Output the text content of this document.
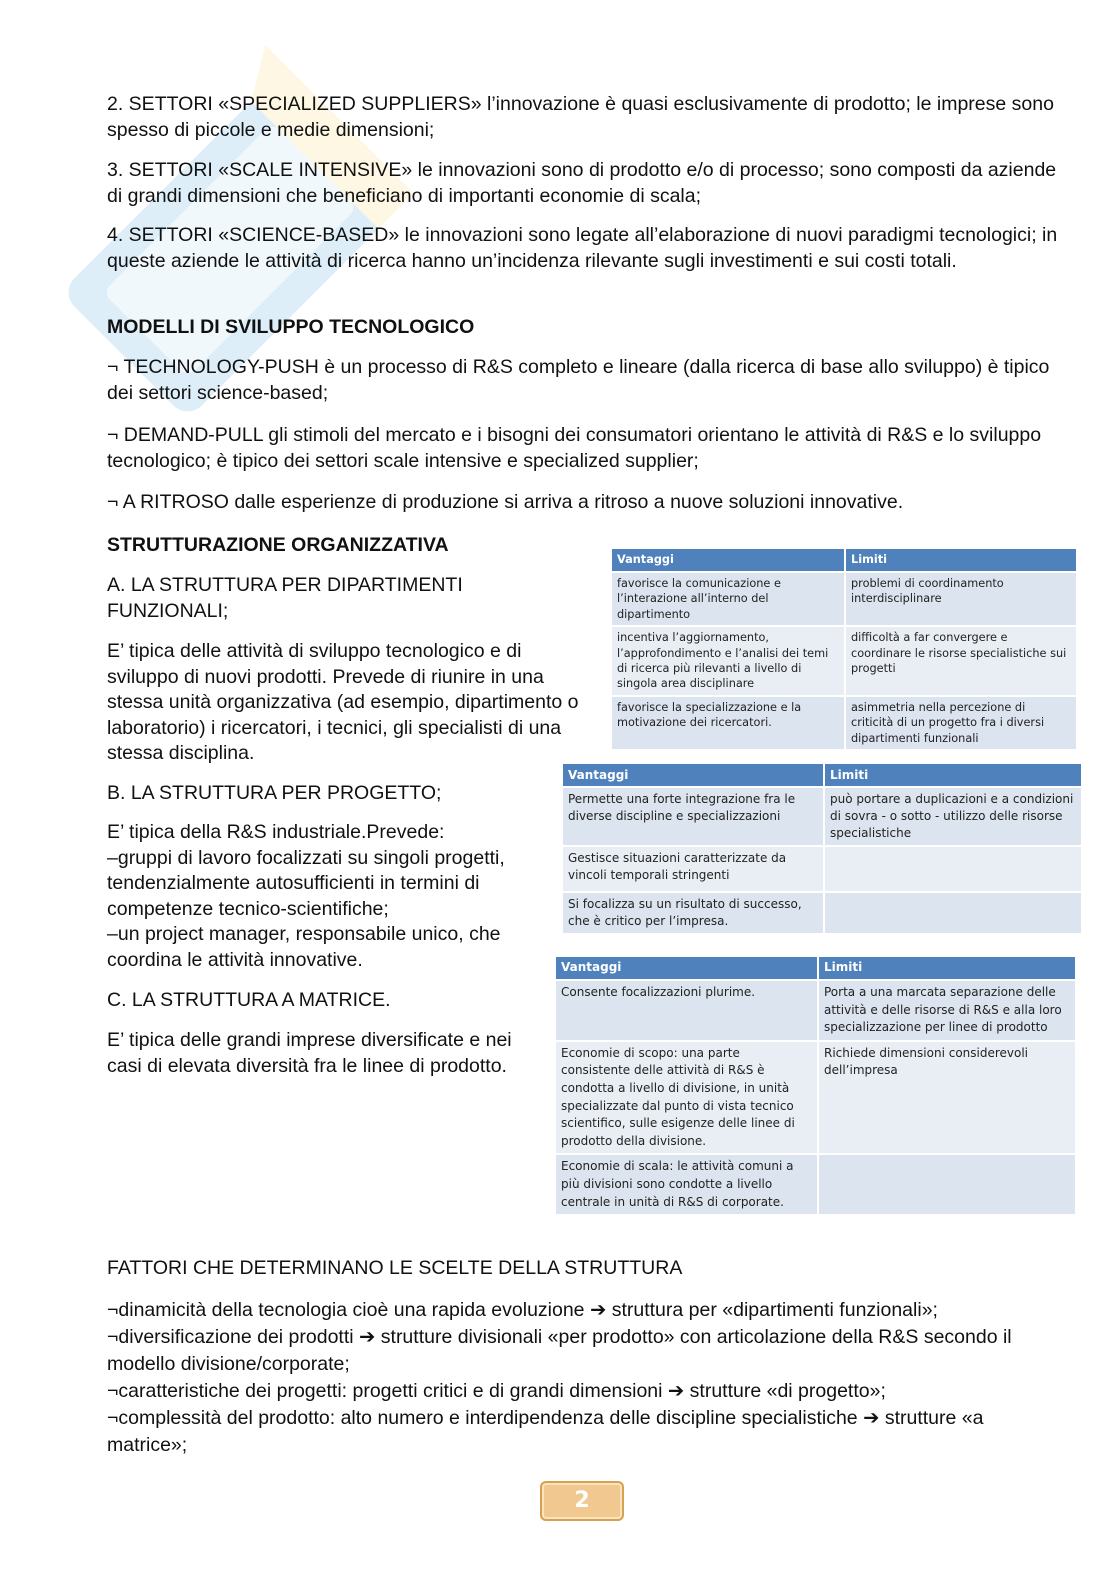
2. SETTORI «SPECIALIZED SUPPLIERS» l’innovazione è quasi esclusivamente di prodotto; le imprese sono spesso di piccole e medie dimensioni;

3. SETTORI «SCALE INTENSIVE» le innovazioni sono di prodotto e/o di processo; sono composti da aziende di grandi dimensioni che beneficiano di importanti economie di scala;

4. SETTORI «SCIENCE-BASED» le innovazioni sono legate all’elaborazione di nuovi paradigmi tecnologici; in queste aziende le attività di ricerca hanno un’incidenza rilevante sugli investimenti e sui costi totali.

MODELLI DI SVILUPPO TECNOLOGICO

¬ TECHNOLOGY-PUSH è un processo di R&S completo e lineare (dalla ricerca di base allo sviluppo) è tipico dei settori science-based;

¬ DEMAND-PULL gli stimoli del mercato e i bisogni dei consumatori orientano le attività di R&S e lo sviluppo tecnologico; è tipico dei settori scale intensive e specialized supplier;

¬ A RITROSO dalle esperienze di produzione si arriva a ritroso a nuove soluzioni innovative.

STRUTTURAZIONE ORGANIZZATIVA

A. LA STRUTTURA PER DIPARTIMENTI FUNZIONALI;

E’ tipica delle attività di sviluppo tecnologico e di sviluppo di nuovi prodotti. Prevede di riunire in una stessa unità organizzativa (ad esempio, dipartimento o laboratorio) i ricercatori, i tecnici, gli specialisti di una stessa disciplina.

B. LA STRUTTURA PER PROGETTO;

E’ tipica della R&S industriale.Prevede:
–gruppi di lavoro focalizzati su singoli progetti, tendenzialmente autosufficienti in termini di competenze tecnico-scientifiche;
–un project manager, responsabile unico, che coordina le attività innovative.

C. LA STRUTTURA A MATRICE.

E’ tipica delle grandi imprese diversificate e nei casi di elevata diversità fra le linee di prodotto.

Vantaggi	Limiti
favorisce la comunicazione e l’interazione all’interno del dipartimento	problemi di coordinamento interdisciplinare
incentiva l’aggiornamento, l’approfondimento e l’analisi dei temi di ricerca più rilevanti a livello di singola area disciplinare	difficoltà a far convergere e coordinare le risorse specialistiche sui progetti
favorisce la specializzazione e la motivazione dei ricercatori.	asimmetria nella percezione di criticità di un progetto fra i diversi dipartimenti funzionali
Vantaggi	Limiti
Permette una forte integrazione fra le diverse discipline e specializzazioni	può portare a duplicazioni e a condizioni di sovra - o sotto - utilizzo delle risorse specialistiche
Gestisce situazioni caratterizzate da vincoli temporali stringenti	
Si focalizza su un risultato di successo, che è critico per l’impresa.	
Vantaggi	Limiti
Consente focalizzazioni plurime.	Porta a una marcata separazione delle attività e delle risorse di R&S e alla loro specializzazione per linee di prodotto
Economie di scopo: una parte consistente delle attività di R&S è condotta a livello di divisione, in unità specializzate dal punto di vista tecnico scientifico, sulle esigenze delle linee di prodotto della divisione.	Richiede dimensioni considerevoli dell’impresa
Economie di scala: le attività comuni a più divisioni sono condotte a livello centrale in unità di R&S di corporate.	

FATTORI CHE DETERMINANO LE SCELTE DELLA STRUTTURA

¬dinamicità della tecnologia cioè una rapida evoluzione ➔ struttura per «dipartimenti funzionali»;
¬diversificazione dei prodotti ➔ strutture divisionali «per prodotto» con articolazione della R&S secondo il modello divisione/corporate;
¬caratteristiche dei progetti: progetti critici e di grandi dimensioni ➔ strutture «di progetto»;
¬complessità del prodotto: alto numero e interdipendenza delle discipline specialistiche ➔ strutture «a matrice»;
2
